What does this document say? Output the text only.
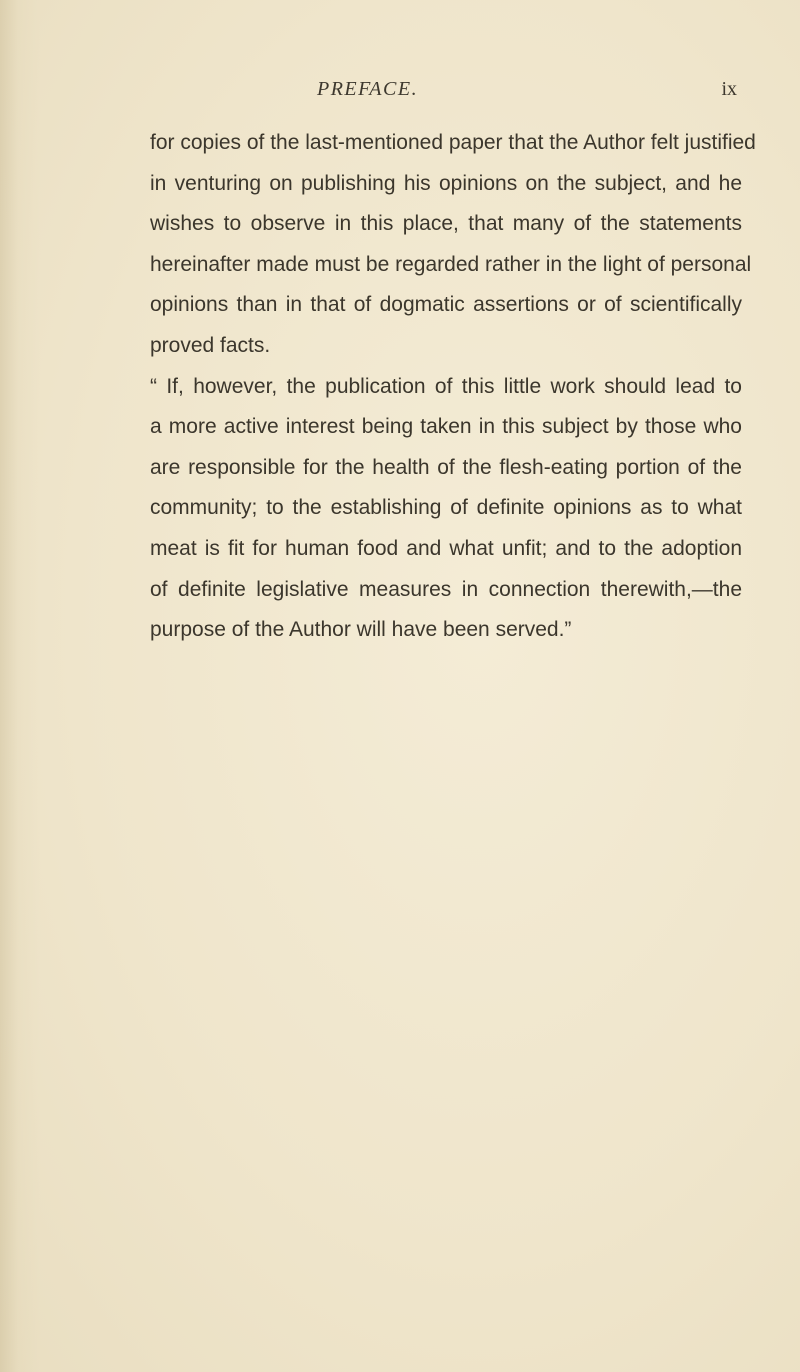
PREFACE.	ix
for copies of the last-mentioned paper that the Author felt justified
in venturing on publishing his opinions on the subject, and he
wishes to observe in this place, that many of the statements
hereinafter made must be regarded rather in the light of personal
opinions than in that of dogmatic assertions or of scientifically
proved facts.
“ If, however, the publication of this little work should lead to
a more active interest being taken in this subject by those who
are responsible for the health of the flesh-eating portion of the
community; to the establishing of definite opinions as to what
meat is fit for human food and what unfit; and to the adoption
of definite legislative measures in connection therewith,—the
purpose of the Author will have been served.”
